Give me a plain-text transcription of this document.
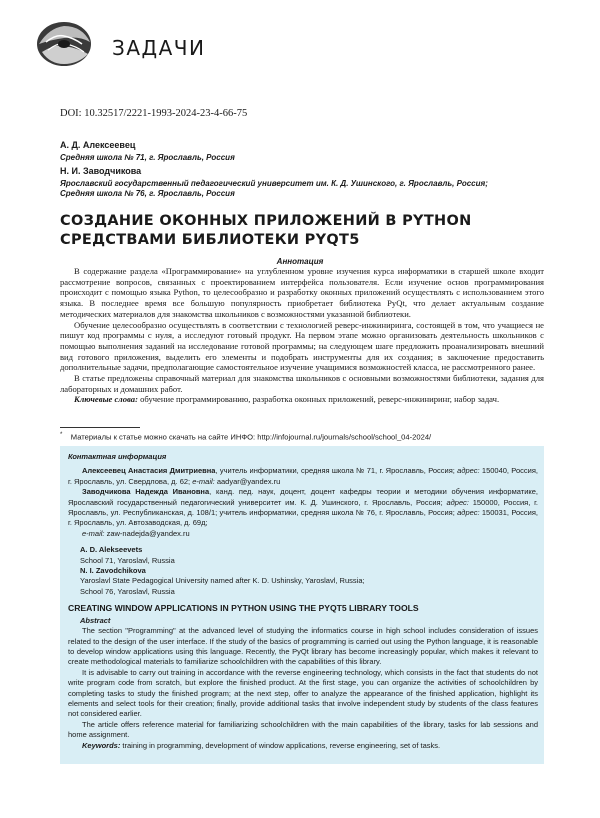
ЗАДАЧИ
DOI: 10.32517/2221-1993-2024-23-4-66-75
А. Д. Алексеевец
Средняя школа № 71, г. Ярославль, Россия
Н. И. Заводчикова
Ярославский государственный педагогический университет им. К. Д. Ушинского, г. Ярославль, Россия;
Средняя школа № 76, г. Ярославль, Россия
СОЗДАНИЕ ОКОННЫХ ПРИЛОЖЕНИЙ В PYTHON
СРЕДСТВАМИ БИБЛИОТЕКИ PYQT5
Аннотация

В содержание раздела «Программирование» на углубленном уровне изучения курса информатики в старшей школе входит рассмотрение вопросов, связанных с проектированием интерфейса пользователя. Если изучение основ программирования происходит с помощью языка Python, то целесообразно и разработку оконных приложений осуществлять с использованием этого языка. В последнее время все большую популярность приобретает библиотека PyQt, что делает актуальным создание методических материалов для знакомства школьников с возможностями указанной библиотеки.

Обучение целесообразно осуществлять в соответствии с технологией реверс-инжиниринга, состоящей в том, что учащиеся не пишут код программы с нуля, а исследуют готовый продукт. На первом этапе можно организовать деятельность школьников с помощью выполнения заданий на исследование готовой программы; на следующем шаге предложить проанализировать внешний вид готового приложения, выделить его элементы и подобрать инструменты для их создания; в заключение предоставить дополнительные задачи, предполагающие самостоятельное изучение учащимися возможностей класса, не рассмотренного ранее.

В статье предложены справочный материал для знакомства школьников с основными возможностями библиотеки, задания для лабораторных и домашних работ.

Ключевые слова: обучение программированию, разработка оконных приложений, реверс-инжиниринг, набор задач.

* Материалы к статье можно скачать на сайте ИНФО: http://infojournal.ru/journals/school/school_04-2024/
Контактная информация

Алексеевец Анастасия Дмитриевна, учитель информатики, средняя школа № 71, г. Ярославль, Россия; адрес: 150040, Россия, г. Ярославль, ул. Свердлова, д. 62; e-mail: aadyar@yandex.ru

Заводчикова Надежда Ивановна, канд. пед. наук, доцент, доцент кафедры теории и методики обучения информатике, Ярославский государственный педагогический университет им. К. Д. Ушинского, г. Ярославль, Россия; адрес: 150000, Россия, г. Ярославль, ул. Республиканская, д. 108/1; учитель информатики, средняя школа № 76, г. Ярославль, Россия; адрес: 150031, Россия, г. Ярославль, ул. Автозаводская, д. 69д;

e-mail: zaw-nadejda@yandex.ru

A. D. Alekseevets
School 71, Yaroslavl, Russia
N. I. Zavodchikova
Yaroslavl State Pedagogical University named after K. D. Ushinsky, Yaroslavl, Russia;
School 76, Yaroslavl, Russia
CREATING WINDOW APPLICATIONS IN PYTHON USING THE PYQT5 LIBRARY TOOLS
Abstract

The section "Programming" at the advanced level of studying the informatics course in high school includes consideration of issues related to the design of the user interface. If the study of the basics of programming is carried out using the Python language, it is reasonable to develop window applications using this language. Recently, the PyQt library has become increasingly popular, which makes it relevant to create methodological materials to familiarize schoolchildren with the capabilities of this library.

It is advisable to carry out training in accordance with the reverse engineering technology, which consists in the fact that students do not write program code from scratch, but explore the finished product. At the first stage, you can organize the activities of schoolchildren by completing tasks to study the finished program; at the next step, offer to analyze the appearance of the finished application, highlight its elements and select tools for their creation; finally, provide additional tasks that involve independent study by students of the class features not considered earlier.

The article offers reference material for familiarizing schoolchildren with the main capabilities of the library, tasks for lab sessions and home assignment.

Keywords: training in programming, development of window applications, reverse engineering, set of tasks.
